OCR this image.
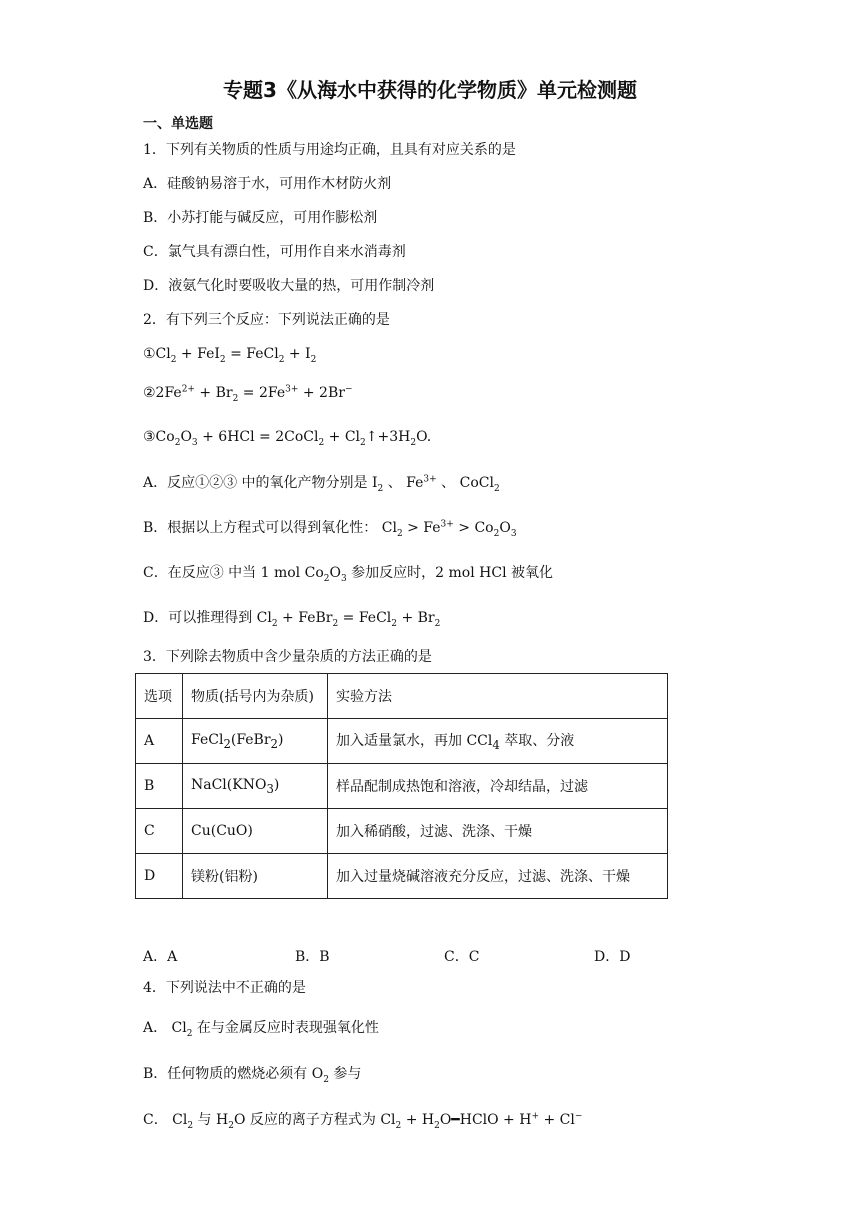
专题3《从海水中获得的化学物质》单元检测题
一、单选题
1．下列有关物质的性质与用途均正确，且具有对应关系的是
A．硅酸钠易溶于水，可用作木材防火剂
B．小苏打能与碱反应，可用作膨松剂
C．氯气具有漂白性，可用作自来水消毒剂
D．液氨气化时要吸收大量的热，可用作制冷剂
2．有下列三个反应：下列说法正确的是
$①Cl_2 + FeI_2$ = FeCl$_2$ + $I_2$
$②2Fe^{2+} + Br_2 = 2Fe^{3+} + 2Br^-$
$③Co_2O_3 + 6HCl$ = 2CoCl$_2$ + $Cl_2↑+3H_2O$.
A．反应①②③ 中的氧化产物分别是 $I_2$ 、 $Fe^{3+}$ 、 CoCl$_2$
B．根据以上方程式可以得到氧化性： $Cl_2 > Fe^{3+} > Co_2O_3$
C．在反应③ 中当 1 mol $Co_2O_3$ 参加反应时，2 mol HCl 被氧化
D．可以推理得到 $Cl_2$ + FeBr$_2$ = FeCl$_2$ + $Br_2$
3．下列除去物质中含少量杂质的方法正确的是
选项	物质(括号内为杂质)	实验方法
A	FeCl$_2$(FeBr$_2$)	加入适量氯水，再加 CCl$_4$ 萃取、分液
B	$NaCl(KNO_3)$	样品配制成热饱和溶液，冷却结晶，过滤
C	Cu(CuO)	加入稀硝酸，过滤、洗涤、干燥
D	镁粉(铝粉)	加入过量烧碱溶液充分反应，过滤、洗涤、干燥
A．A	B．B	C．C	D．D
4．下列说法中不正确的是
A． $Cl_2$ 在与金属反应时表现强氧化性
B．任何物质的燃烧必须有 $O_2$ 参与
C． $Cl_2$ 与 $H_2O$ 反应的离子方程式为 $Cl_2$ + $H_2O━HClO + H^+ + Cl^-$
